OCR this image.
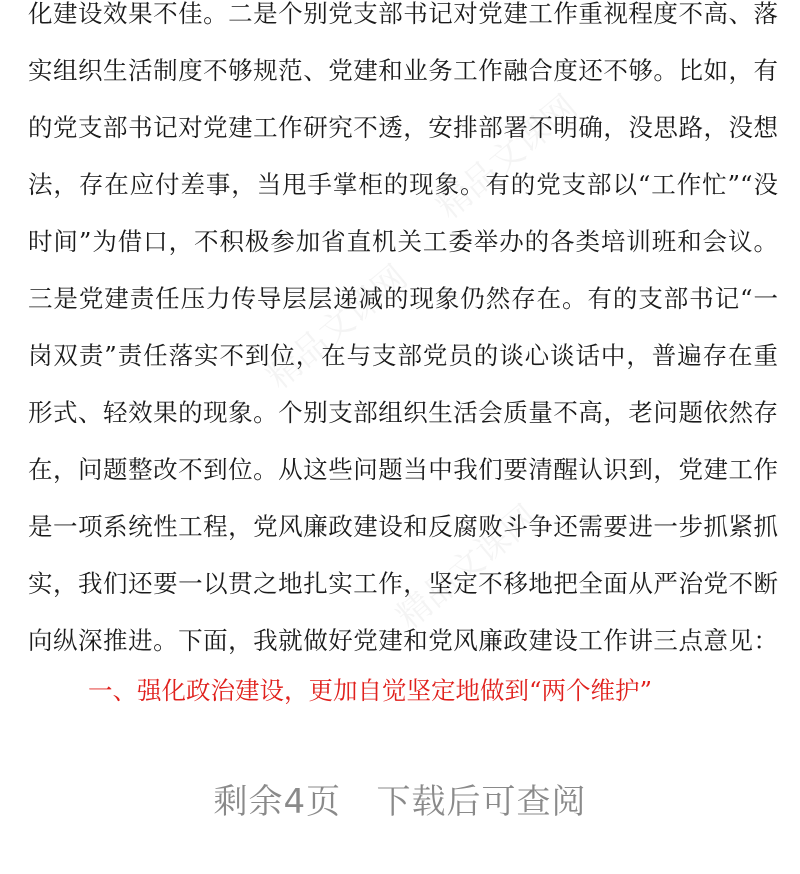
精品文课网
精品文课网
精品文课网
化建设效果不佳。二是个别党支部书记对党建工作重视程度不高、落
实组织生活制度不够规范、党建和业务工作融合度还不够。比如，有
的党支部书记对党建工作研究不透，安排部署不明确，没思路，没想
法，存在应付差事，当甩手掌柜的现象。有的党支部以“工作忙”“没
时间”为借口，不积极参加省直机关工委举办的各类培训班和会议。
三是党建责任压力传导层层递减的现象仍然存在。有的支部书记“一
岗双责”责任落实不到位，在与支部党员的谈心谈话中，普遍存在重
形式、轻效果的现象。个别支部组织生活会质量不高，老问题依然存
在，问题整改不到位。从这些问题当中我们要清醒认识到，党建工作
是一项系统性工程，党风廉政建设和反腐败斗争还需要进一步抓紧抓
实，我们还要一以贯之地扎实工作，坚定不移地把全面从严治党不断
向纵深推进。下面，我就做好党建和党风廉政建设工作讲三点意见：
一、强化政治建设，更加自觉坚定地做到“两个维护”
剩余4页   下载后可查阅
